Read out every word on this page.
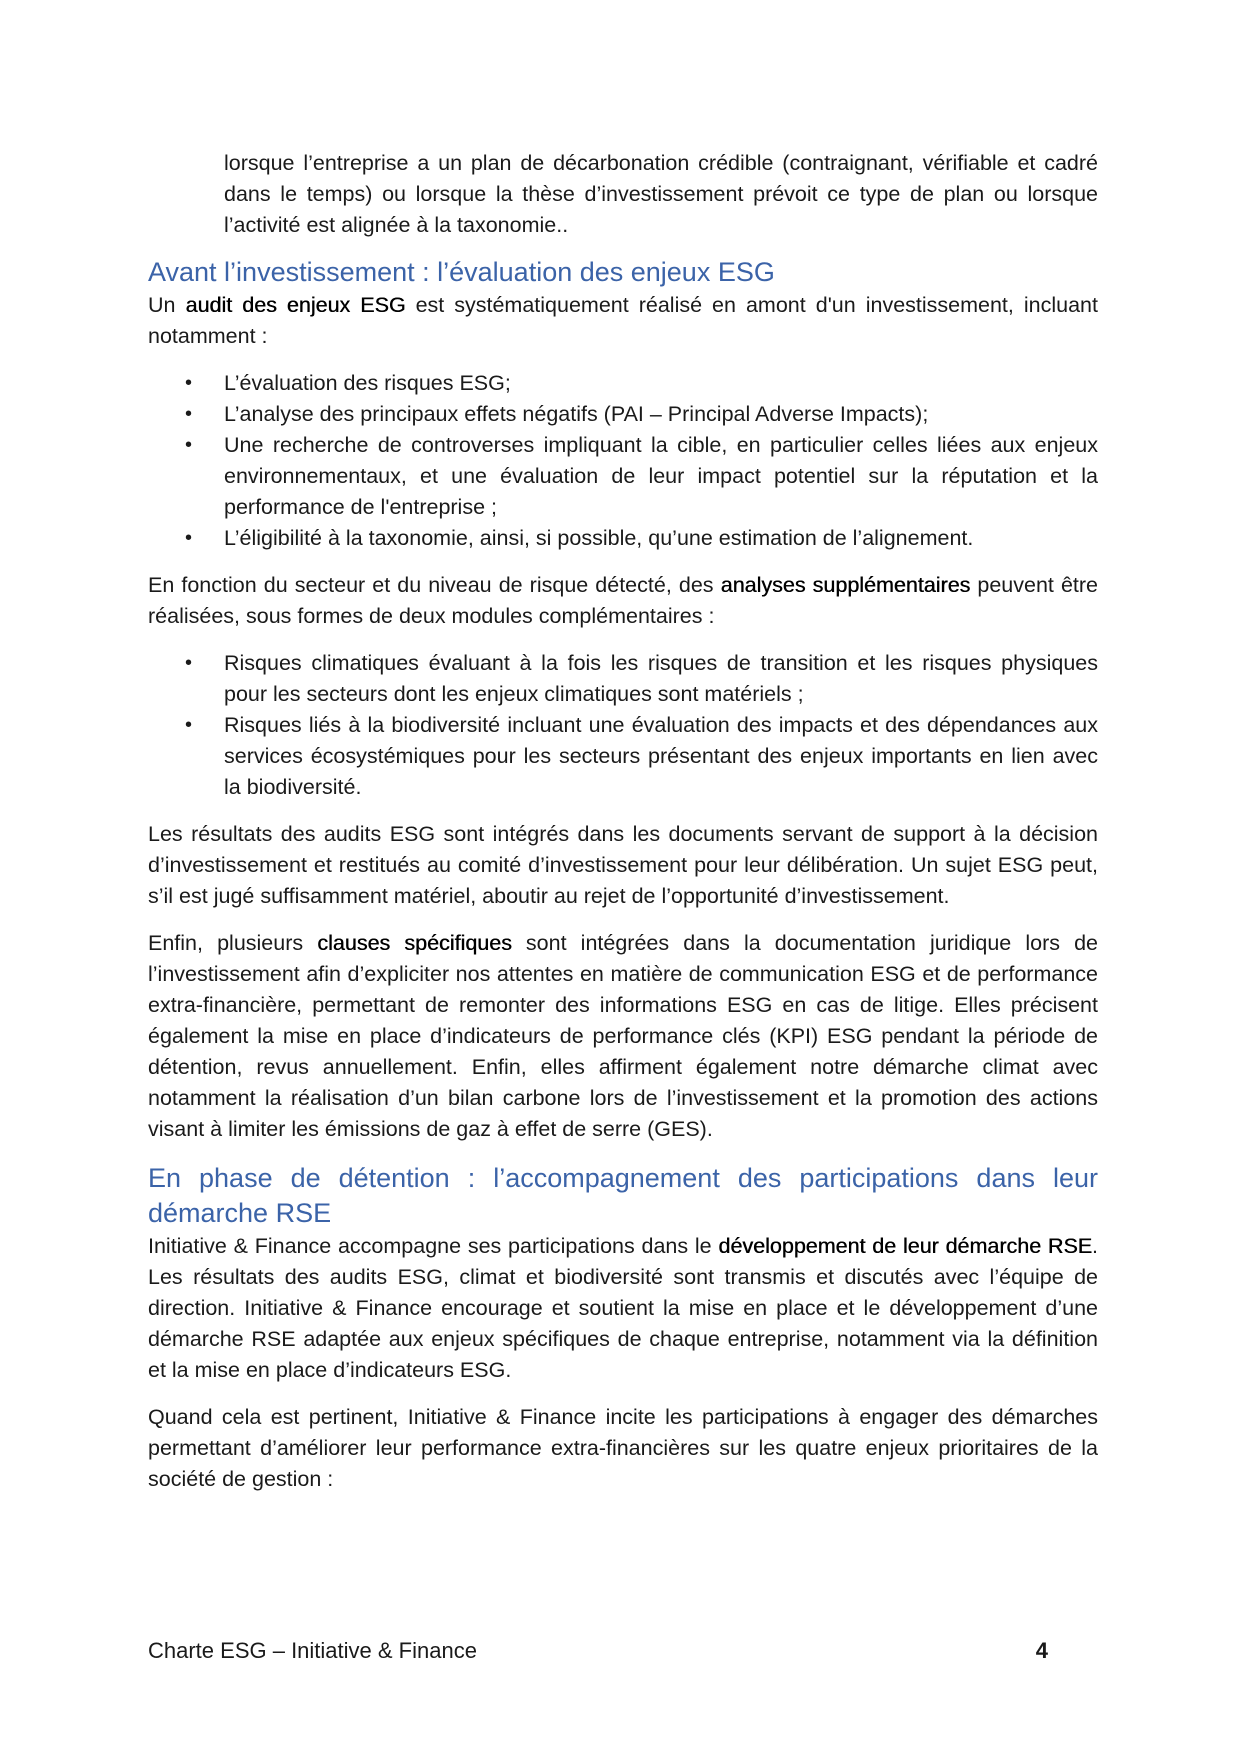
lorsque l’entreprise a un plan de décarbonation crédible (contraignant, vérifiable et cadré dans le temps) ou lorsque la thèse d’investissement prévoit ce type de plan ou lorsque l’activité est alignée à la taxonomie..

Avant l’investissement : l’évaluation des enjeux ESG

Un audit des enjeux ESG est systématiquement réalisé en amont d'un investissement, incluant notamment :

• L’évaluation des risques ESG;
• L’analyse des principaux effets négatifs (PAI – Principal Adverse Impacts);
• Une recherche de controverses impliquant la cible, en particulier celles liées aux enjeux environnementaux, et une évaluation de leur impact potentiel sur la réputation et la performance de l'entreprise ;
• L’éligibilité à la taxonomie, ainsi, si possible, qu’une estimation de l’alignement.

En fonction du secteur et du niveau de risque détecté, des analyses supplémentaires peuvent être réalisées, sous formes de deux modules complémentaires :

• Risques climatiques évaluant à la fois les risques de transition et les risques physiques pour les secteurs dont les enjeux climatiques sont matériels ;
• Risques liés à la biodiversité incluant une évaluation des impacts et des dépendances aux services écosystémiques pour les secteurs présentant des enjeux importants en lien avec la biodiversité.

Les résultats des audits ESG sont intégrés dans les documents servant de support à la décision d’investissement et restitués au comité d’investissement pour leur délibération. Un sujet ESG peut, s’il est jugé suffisamment matériel, aboutir au rejet de l’opportunité d’investissement.

Enfin, plusieurs clauses spécifiques sont intégrées dans la documentation juridique lors de l’investissement afin d’expliciter nos attentes en matière de communication ESG et de performance extra-financière, permettant de remonter des informations ESG en cas de litige. Elles précisent également la mise en place d’indicateurs de performance clés (KPI) ESG pendant la période de détention, revus annuellement. Enfin, elles affirment également notre démarche climat avec notamment la réalisation d’un bilan carbone lors de l’investissement et la promotion des actions visant à limiter les émissions de gaz à effet de serre (GES).

En phase de détention : l’accompagnement des participations dans leur démarche RSE

Initiative & Finance accompagne ses participations dans le développement de leur démarche RSE. Les résultats des audits ESG, climat et biodiversité sont transmis et discutés avec l’équipe de direction. Initiative & Finance encourage et soutient la mise en place et le développement d’une démarche RSE adaptée aux enjeux spécifiques de chaque entreprise, notamment via la définition et la mise en place d’indicateurs ESG.

Quand cela est pertinent, Initiative & Finance incite les participations à engager des démarches permettant d’améliorer leur performance extra-financières sur les quatre enjeux prioritaires de la société de gestion :

Charte ESG – Initiative & Finance	4
